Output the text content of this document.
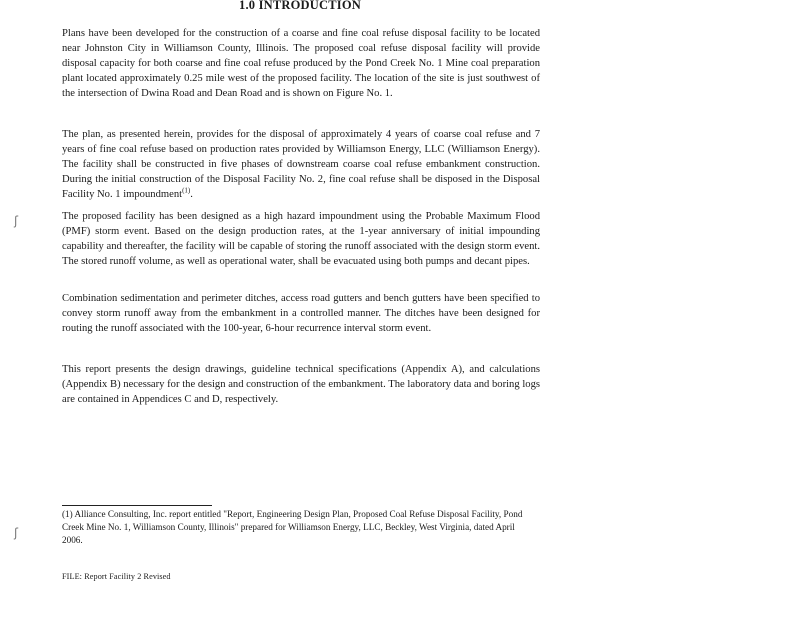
1.0 INTRODUCTION

Plans have been developed for the construction of a coarse and fine coal refuse disposal facility to be located near Johnston City in Williamson County, Illinois. The proposed coal refuse disposal facility will provide disposal capacity for both coarse and fine coal refuse produced by the Pond Creek No. 1 Mine coal preparation plant located approximately 0.25 mile west of the proposed facility. The location of the site is just southwest of the intersection of Dwina Road and Dean Road and is shown on Figure No. 1.

The plan, as presented herein, provides for the disposal of approximately 4 years of coarse coal refuse and 7 years of fine coal refuse based on production rates provided by Williamson Energy, LLC (Williamson Energy). The facility shall be constructed in five phases of downstream coarse coal refuse embankment construction. During the initial construction of the Disposal Facility No. 2, fine coal refuse shall be disposed in the Disposal Facility No. 1 impoundment$^{(1)}$.

ʃ	The proposed facility has been designed as a high hazard impoundment using the Probable Maximum Flood (PMF) storm event. Based on the design production rates, at the 1-year anniversary of initial impounding capability and thereafter, the facility will be capable of storing the runoff associated with the design storm event. The stored runoff volume, as well as operational water, shall be evacuated using both pumps and decant pipes.

Combination sedimentation and perimeter ditches, access road gutters and bench gutters have been specified to convey storm runoff away from the embankment in a controlled manner. The ditches have been designed for routing the runoff associated with the 100-year, 6-hour recurrence interval storm event.

This report presents the design drawings, guideline technical specifications (Appendix A), and calculations (Appendix B) necessary for the design and construction of the embankment. The laboratory data and boring logs are contained in Appendices C and D, respectively.

(1) Alliance Consulting, Inc. report entitled "Report, Engineering Design Plan, Proposed Coal Refuse Disposal Facility, Pond Creek Mine No. 1, Williamson County, Illinois" prepared for Williamson Energy, LLC, Beckley, West Virginia, dated April 2006.
ʃ
FILE: Report Facility 2 Revised
